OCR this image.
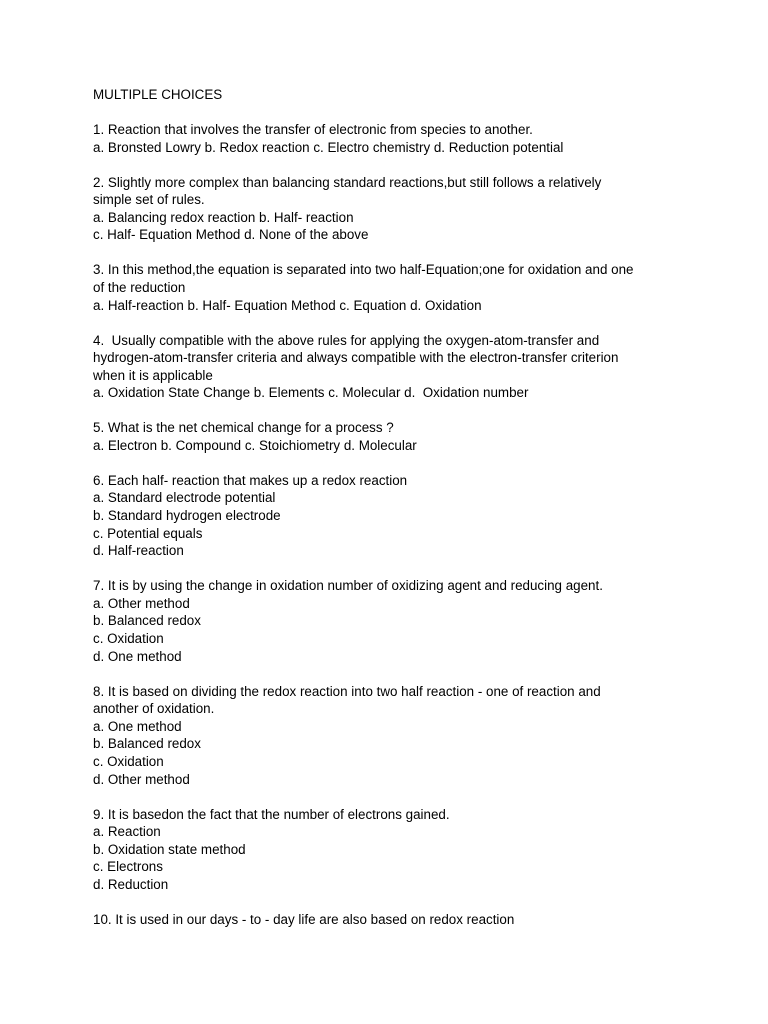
MULTIPLE CHOICES
1. Reaction that involves the transfer of electronic from species to another.
a. Bronsted Lowry b. Redox reaction c. Electro chemistry d. Reduction potential
2. Slightly more complex than balancing standard reactions,but still follows a relatively
simple set of rules.
a. Balancing redox reaction b. Half- reaction
c. Half- Equation Method d. None of the above
3. In this method,the equation is separated into two half-Equation;one for oxidation and one
of the reduction
a. Half-reaction b. Half- Equation Method c. Equation d. Oxidation
4.  Usually compatible with the above rules for applying the oxygen-atom-transfer and
hydrogen-atom-transfer criteria and always compatible with the electron-transfer criterion
when it is applicable
a. Oxidation State Change b. Elements c. Molecular d.  Oxidation number
5. What is the net chemical change for a process ?
a. Electron b. Compound c. Stoichiometry d. Molecular
6. Each half- reaction that makes up a redox reaction
a. Standard electrode potential
b. Standard hydrogen electrode
c. Potential equals
d. Half-reaction
7. It is by using the change in oxidation number of oxidizing agent and reducing agent.
a. Other method
b. Balanced redox
c. Oxidation
d. One method
8. It is based on dividing the redox reaction into two half reaction - one of reaction and
another of oxidation.
a. One method
b. Balanced redox
c. Oxidation
d. Other method
9. It is basedon the fact that the number of electrons gained.
a. Reaction
b. Oxidation state method
c. Electrons
d. Reduction
10. It is used in our days - to - day life are also based on redox reaction
